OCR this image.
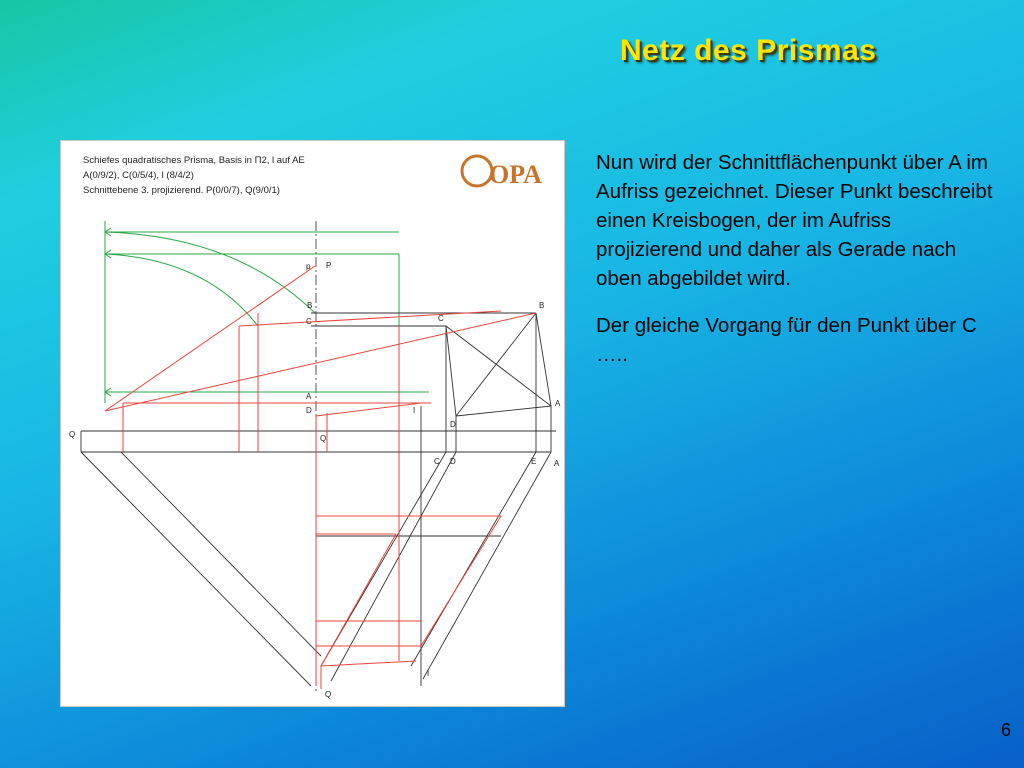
Netz des Prismas
Schiefes quadratisches Prisma, Basis in Π2, l auf AE
A(0/9/2), C(0/5/4), l (8/4/2)
Schnittebene 3. projizierend. P(0/0/7), Q(9/0/1)
OPA
p P
B
C	C
B
A
D	I
A
D
Q	Q
C D	E A
I
Q

Nun wird der Schnittflächenpunkt über A im Aufriss gezeichnet. Dieser Punkt beschreibt einen Kreisbogen, der im Aufriss projizierend und daher als Gerade nach oben abgebildet wird.

Der gleiche Vorgang für den Punkt über C …..

6
